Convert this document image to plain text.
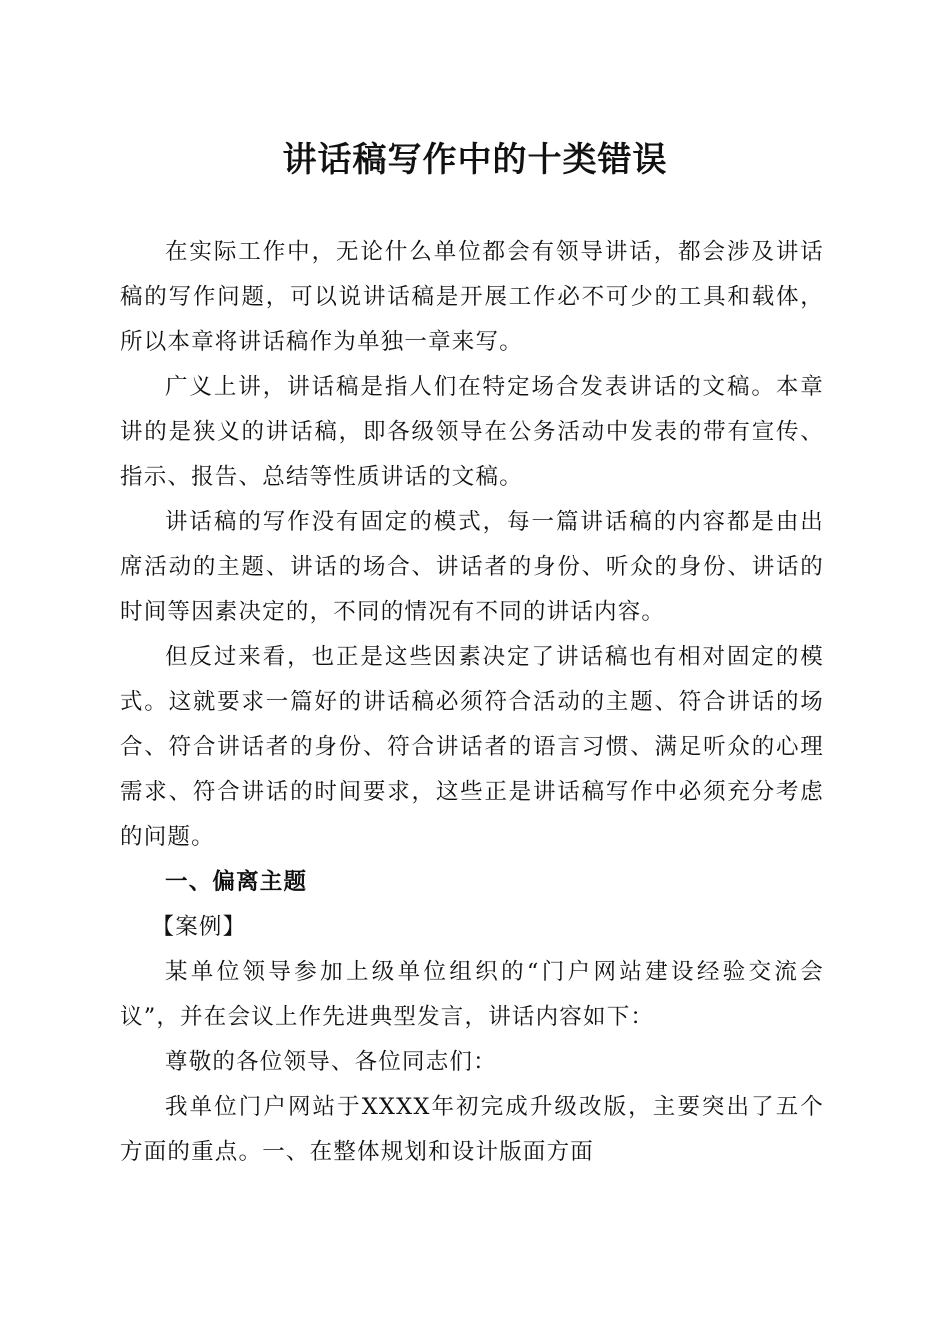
讲话稿写作中的十类错误

在实际工作中，无论什么单位都会有领导讲话，都会涉及讲话稿的写作问题，可以说讲话稿是开展工作必不可少的工具和载体，所以本章将讲话稿作为单独一章来写。

广义上讲，讲话稿是指人们在特定场合发表讲话的文稿。本章讲的是狭义的讲话稿，即各级领导在公务活动中发表的带有宣传、指示、报告、总结等性质讲话的文稿。

讲话稿的写作没有固定的模式，每一篇讲话稿的内容都是由出席活动的主题、讲话的场合、讲话者的身份、听众的身份、讲话的时间等因素决定的，不同的情况有不同的讲话内容。

但反过来看，也正是这些因素决定了讲话稿也有相对固定的模式。这就要求一篇好的讲话稿必须符合活动的主题、符合讲话的场合、符合讲话者的身份、符合讲话者的语言习惯、满足听众的心理需求、符合讲话的时间要求，这些正是讲话稿写作中必须充分考虑的问题。

一、偏离主题

【案例】

某单位领导参加上级单位组织的“门户网站建设经验交流会议”，并在会议上作先进典型发言，讲话内容如下：

尊敬的各位领导、各位同志们：

我单位门户网站于XXXX年初完成升级改版，主要突出了五个方面的重点。一、在整体规划和设计版面方面
